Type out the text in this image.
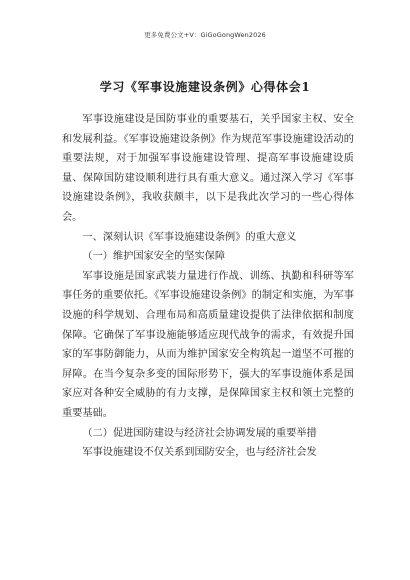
更多免费公文+V：GiGoGongWen2026
学习《军事设施建设条例》心得体会1

军事设施建设是国防事业的重要基石，关乎国家主权、安全和发展利益。《军事设施建设条例》作为规范军事设施建设活动的重要法规，对于加强军事设施建设管理、提高军事设施建设质量、保障国防建设顺利进行具有重大意义。通过深入学习《军事设施建设条例》，我收获颇丰，以下是我此次学习的一些心得体会。

一、深刻认识《军事设施建设条例》的重大意义

（一）维护国家安全的坚实保障

军事设施是国家武装力量进行作战、训练、执勤和科研等军事任务的重要依托。《军事设施建设条例》的制定和实施，为军事设施的科学规划、合理布局和高质量建设提供了法律依据和制度保障。它确保了军事设施能够适应现代战争的需求，有效提升国家的军事防御能力，从而为维护国家安全构筑起一道坚不可摧的屏障。在当今复杂多变的国际形势下，强大的军事设施体系是国家应对各种安全威胁的有力支撑，是保障国家主权和领土完整的重要基础。

（二）促进国防建设与经济社会协调发展的重要举措

军事设施建设不仅关系到国防安全，也与经济社会发
